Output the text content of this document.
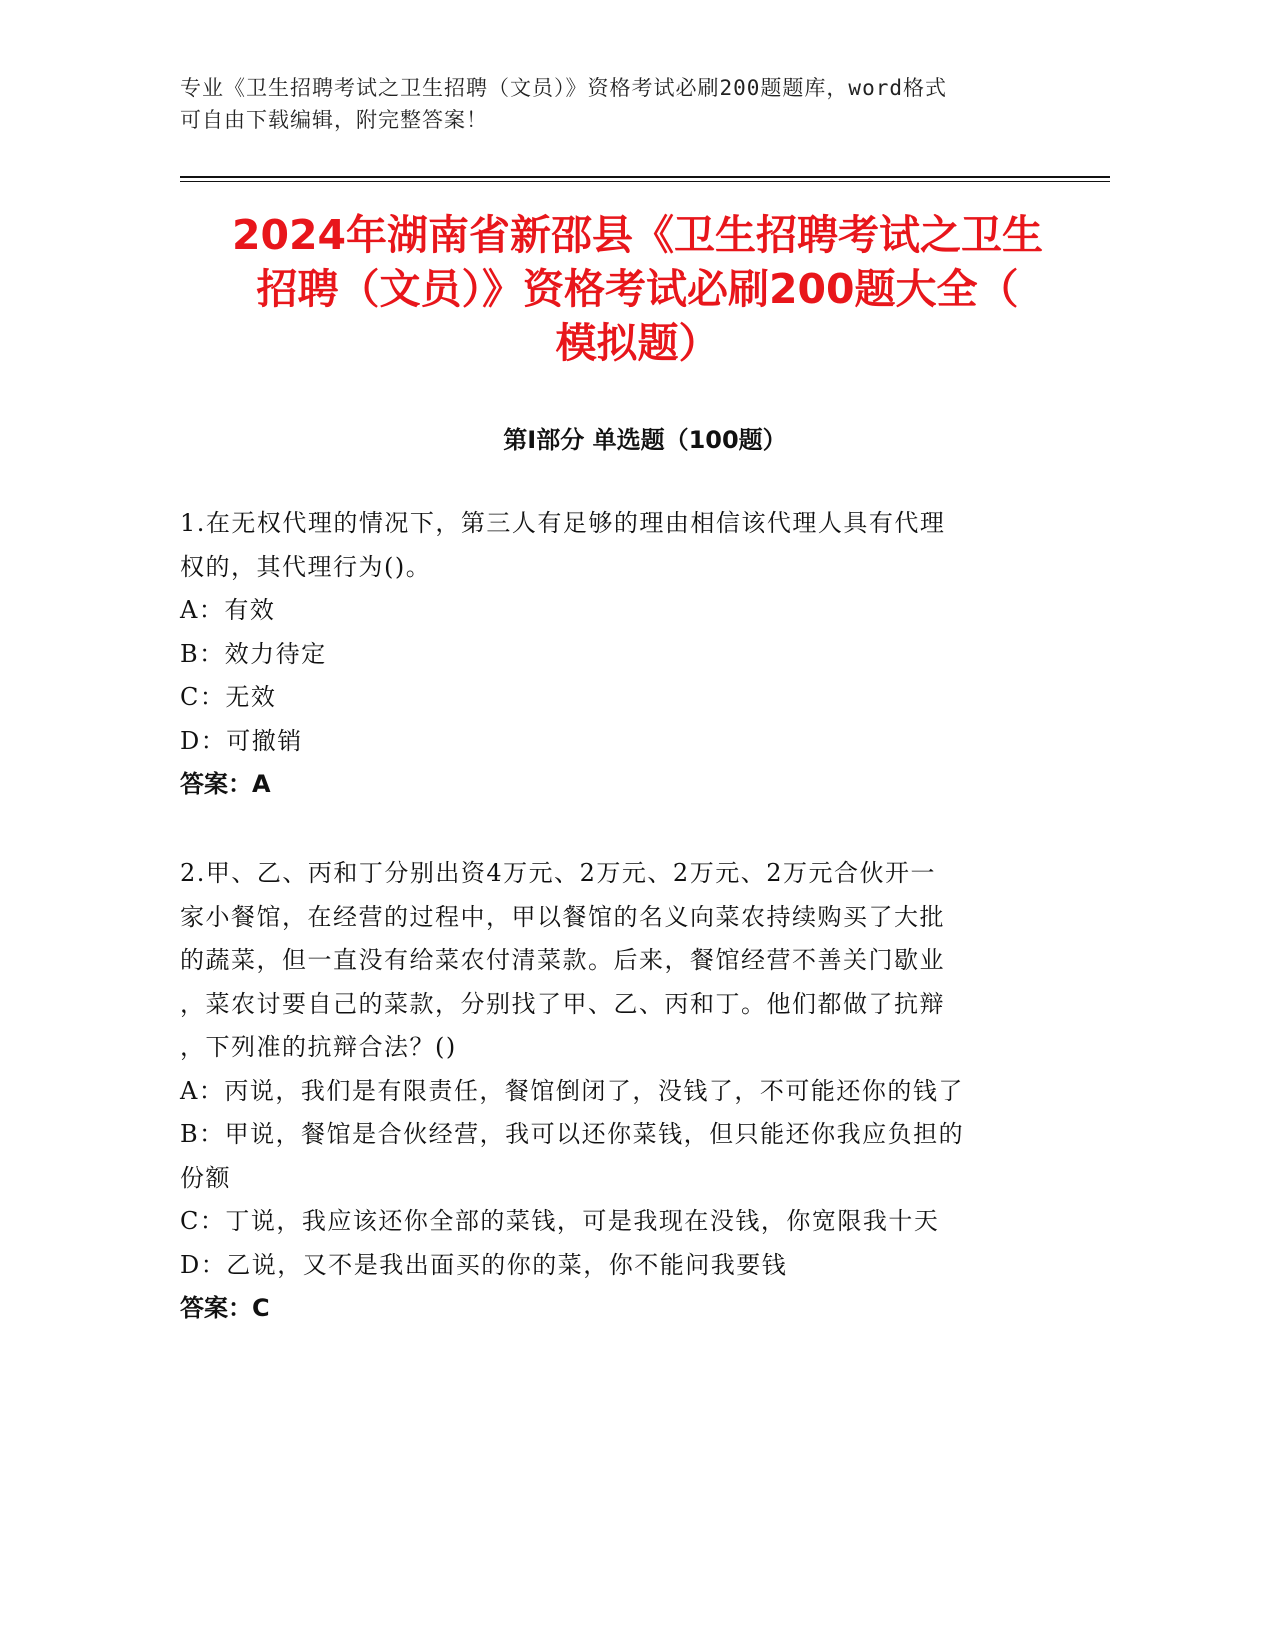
专业《卫生招聘考试之卫生招聘（文员）》资格考试必刷200题题库，word格式
可自由下载编辑，附完整答案！
2024年湖南省新邵县《卫生招聘考试之卫生
招聘（文员）》资格考试必刷200题大全（
模拟题）
第I部分 单选题（100题）
1.在无权代理的情况下，第三人有足够的理由相信该代理人具有代理
权的，其代理行为()。
A：有效
B：效力待定
C：无效
D：可撤销
答案：A
2.甲、乙、丙和丁分别出资4万元、2万元、2万元、2万元合伙开一
家小餐馆，在经营的过程中，甲以餐馆的名义向菜农持续购买了大批
的蔬菜，但一直没有给菜农付清菜款。后来，餐馆经营不善关门歇业
，菜农讨要自己的菜款，分别找了甲、乙、丙和丁。他们都做了抗辩
，下列准的抗辩合法？()
A：丙说，我们是有限责任，餐馆倒闭了，没钱了，不可能还你的钱了
B：甲说，餐馆是合伙经营，我可以还你菜钱，但只能还你我应负担的
份额
C：丁说，我应该还你全部的菜钱，可是我现在没钱，你宽限我十天
D：乙说，又不是我出面买的你的菜，你不能问我要钱
答案：C
